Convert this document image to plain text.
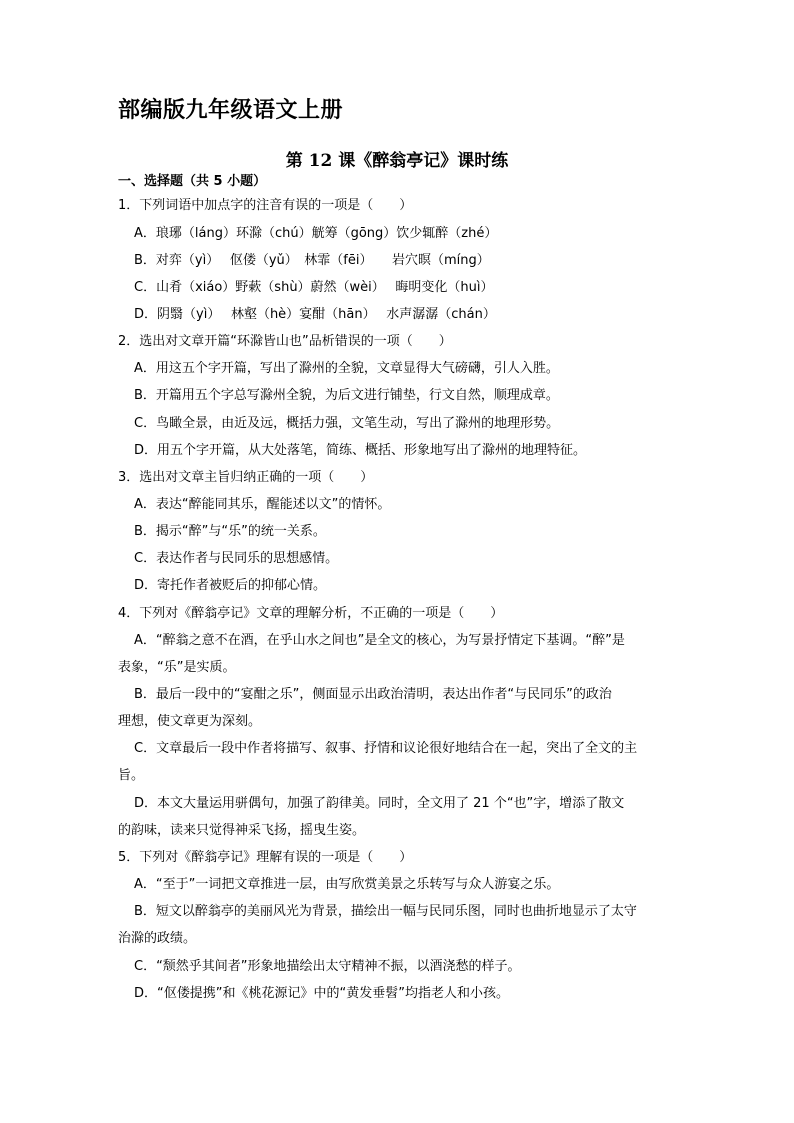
部编版九年级语文上册
第 12 课《醉翁亭记》课时练
一、选择题（共 5 小题）
1．下列词语中加点字的注音有误的一项是（　　）
A．琅琊（láng）环滁（chú）觥筹（gōng）饮少辄醉（zhé）
B．对弈（yì）　 伛偻（yǔ）　林霏（fēi）　　岩穴暝（míng）
C．山肴（xiáo）野蔌（shù）蔚然（wèi）　 晦明变化（huì）
D．阴翳（yì）　 林壑（hè）宴酣（hān）　 水声潺潺（chán）
2．选出对文章开篇“环滁皆山也”品析错误的一项（　　）
A．用这五个字开篇，写出了滁州的全貌，文章显得大气磅礴，引人入胜。
B．开篇用五个字总写滁州全貌，为后文进行铺垫，行文自然，顺理成章。
C．鸟瞰全景，由近及远，概括力强，文笔生动，写出了滁州的地理形势。
D．用五个字开篇，从大处落笔，简练、概括、形象地写出了滁州的地理特征。
3．选出对文章主旨归纳正确的一项（　　）
A．表达“醉能同其乐，醒能述以文”的情怀。
B．揭示“醉”与“乐”的统一关系。
C．表达作者与民同乐的思想感情。
D．寄托作者被贬后的抑郁心情。
4．下列对《醉翁亭记》文章的理解分析，不正确的一项是（　　）
A．“醉翁之意不在酒，在乎山水之间也”是全文的核心，为写景抒情定下基调。“醉”是
表象，“乐”是实质。
B．最后一段中的“宴酣之乐”，侧面显示出政治清明，表达出作者“与民同乐”的政治
理想，使文章更为深刻。
C．文章最后一段中作者将描写、叙事、抒情和议论很好地结合在一起，突出了全文的主
旨。
D．本文大量运用骈偶句，加强了韵律美。同时，全文用了 21 个“也”字，增添了散文
的韵味，读来只觉得神采飞扬，摇曳生姿。
5．下列对《醉翁亭记》理解有误的一项是（　　）
A．“至于”一词把文章推进一层，由写欣赏美景之乐转写与众人游宴之乐。
B．短文以醉翁亭的美丽风光为背景，描绘出一幅与民同乐图，同时也曲折地显示了太守
治滁的政绩。
C．“颓然乎其间者”形象地描绘出太守精神不振，以酒浇愁的样子。
D．“伛偻提携”和《桃花源记》中的“黄发垂髫”均指老人和小孩。
